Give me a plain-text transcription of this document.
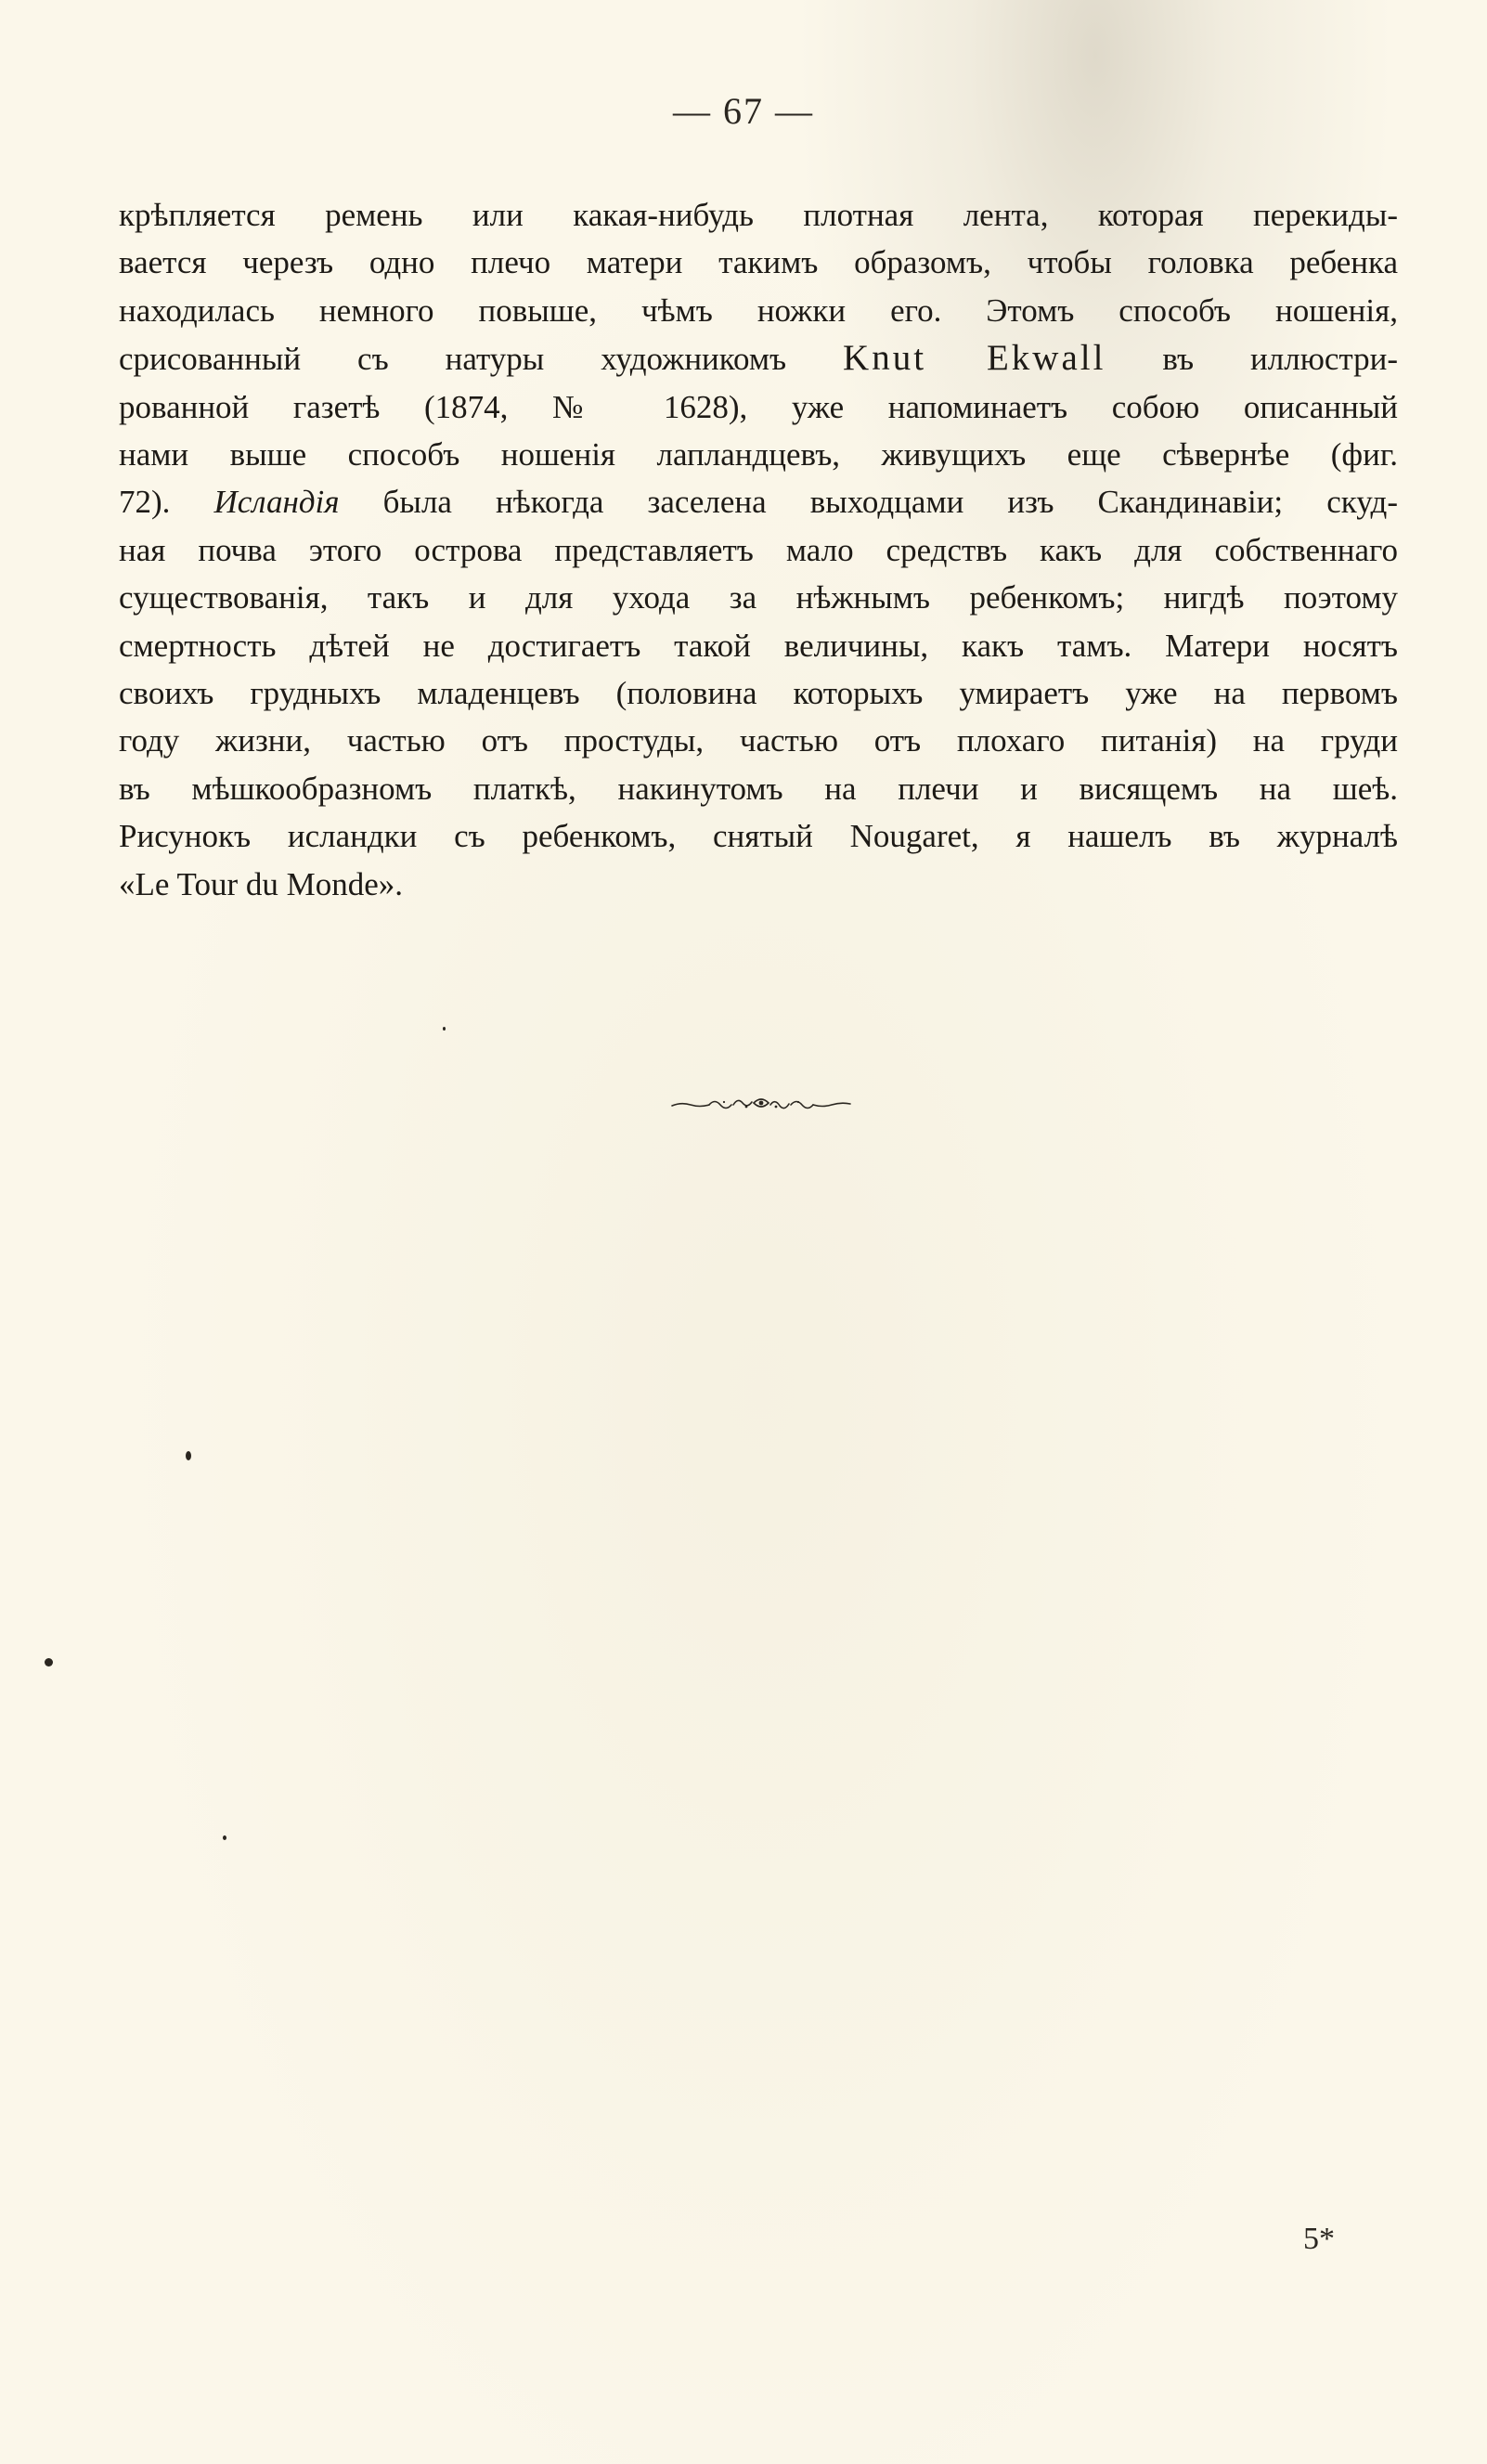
— 67 —
крѣпляется ремень или какая-нибудь плотная лента, которая перекиды-
вается черезъ одно плечо матери такимъ образомъ, чтобы головка ребенка
находилась немного повыше, чѣмъ ножки его. Этомъ способъ ношенія,
срисованный съ натуры художникомъ Knut Ekwall въ иллюстри-
рованной газетѣ (1874, № 1628), уже напоминаетъ собою описанный
нами выше способъ ношенія лапландцевъ, живущихъ еще сѣвернѣе (фиг.
72). Исландія была нѣкогда заселена выходцами изъ Скандинавіи; скуд-
ная почва этого острова представляетъ мало средствъ какъ для собственнаго
существованія, такъ и для ухода за нѣжнымъ ребенкомъ; нигдѣ поэтому
смертность дѣтей не достигаетъ такой величины, какъ тамъ. Матери носятъ
своихъ грудныхъ младенцевъ (половина которыхъ умираетъ уже на первомъ
году жизни, частью отъ простуды, частью отъ плохаго питанія) на груди
въ мѣшкообразномъ платкѣ, накинутомъ на плечи и висящемъ на шеѣ.
Рисунокъ исландки съ ребенкомъ, снятый Nougaret, я нашелъ въ журналѣ
«Le Tour du Monde».
5*
